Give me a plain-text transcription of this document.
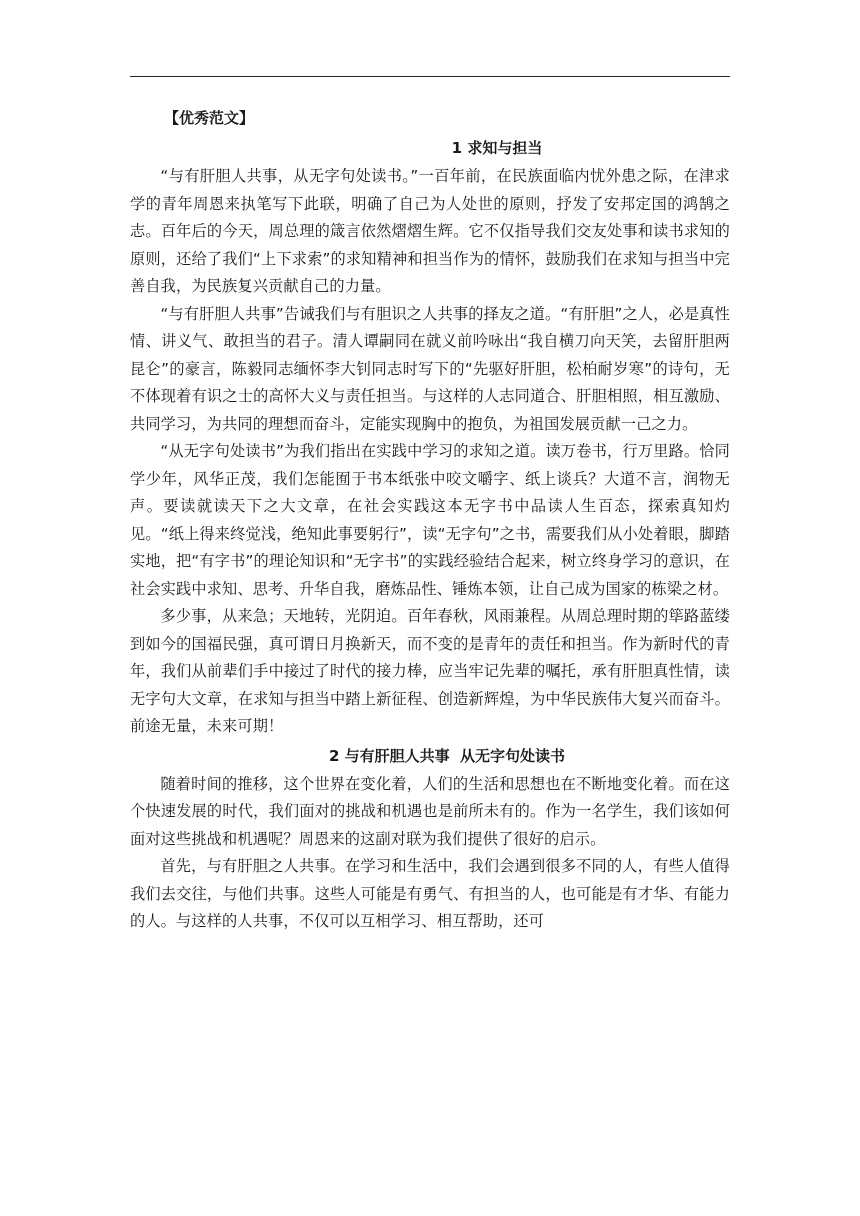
【优秀范文】
1 求知与担当

“与有肝胆人共事，从无字句处读书。”一百年前，在民族面临内忧外患之际，在津求学的青年周恩来执笔写下此联，明确了自己为人处世的原则，抒发了安邦定国的鸿鹄之志。百年后的今天，周总理的箴言依然熠熠生辉。它不仅指导我们交友处事和读书求知的原则，还给了我们“上下求索”的求知精神和担当作为的情怀，鼓励我们在求知与担当中完善自我，为民族复兴贡献自己的力量。

“与有肝胆人共事”告诫我们与有胆识之人共事的择友之道。“有肝胆”之人，必是真性情、讲义气、敢担当的君子。清人谭嗣同在就义前吟咏出“我自横刀向天笑，去留肝胆两昆仑”的豪言，陈毅同志缅怀李大钊同志时写下的“先驱好肝胆，松柏耐岁寒”的诗句，无不体现着有识之士的高怀大义与责任担当。与这样的人志同道合、肝胆相照，相互激励、共同学习，为共同的理想而奋斗，定能实现胸中的抱负，为祖国发展贡献一己之力。

“从无字句处读书”为我们指出在实践中学习的求知之道。读万卷书，行万里路。恰同学少年，风华正茂，我们怎能囿于书本纸张中咬文嚼字、纸上谈兵？大道不言，润物无声。要读就读天下之大文章，在社会实践这本无字书中品读人生百态，探索真知灼见。“纸上得来终觉浅，绝知此事要躬行”，读“无字句”之书，需要我们从小处着眼，脚踏实地，把“有字书”的理论知识和“无字书”的实践经验结合起来，树立终身学习的意识，在社会实践中求知、思考、升华自我，磨炼品性、锤炼本领，让自己成为国家的栋梁之材。

多少事，从来急；天地转，光阴迫。百年春秋，风雨兼程。从周总理时期的筚路蓝缕到如今的国福民强，真可谓日月换新天，而不变的是青年的责任和担当。作为新时代的青年，我们从前辈们手中接过了时代的接力棒，应当牢记先辈的嘱托，承有肝胆真性情，读无字句大文章，在求知与担当中踏上新征程、创造新辉煌，为中华民族伟大复兴而奋斗。前途无量，未来可期！

2 与有肝胆人共事  从无字句处读书

随着时间的推移，这个世界在变化着，人们的生活和思想也在不断地变化着。而在这个快速发展的时代，我们面对的挑战和机遇也是前所未有的。作为一名学生，我们该如何面对这些挑战和机遇呢？周恩来的这副对联为我们提供了很好的启示。

首先，与有肝胆之人共事。在学习和生活中，我们会遇到很多不同的人，有些人值得我们去交往，与他们共事。这些人可能是有勇气、有担当的人，也可能是有才华、有能力的人。与这样的人共事，不仅可以互相学习、相互帮助，还可
